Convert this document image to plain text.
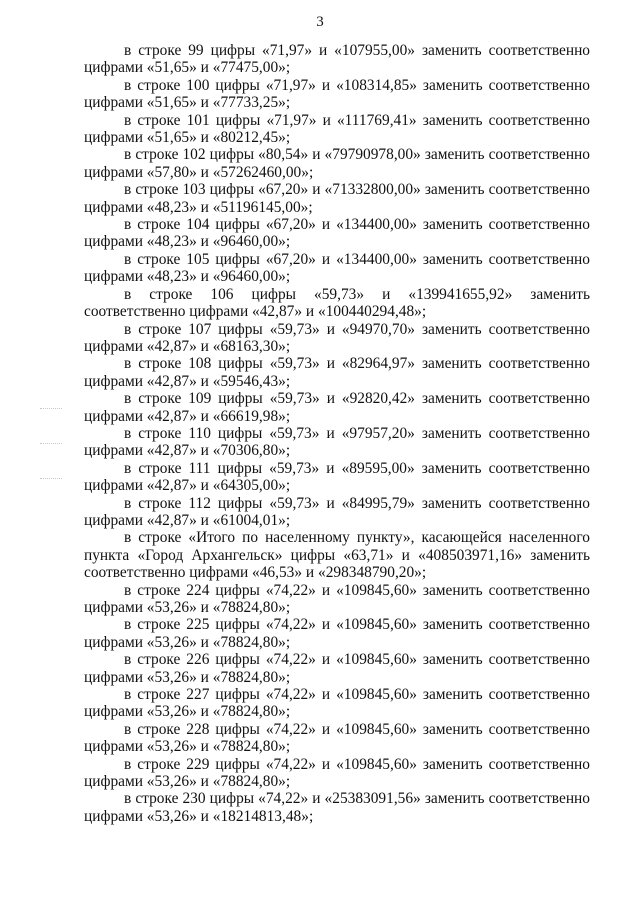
3

в строке 99 цифры «71,97» и «107955,00» заменить соответственно цифрами «51,65» и «77475,00»;

в строке 100 цифры «71,97» и «108314,85» заменить соответственно цифрами «51,65» и «77733,25»;

в строке 101 цифры «71,97» и «111769,41» заменить соответственно цифрами «51,65» и «80212,45»;

в строке 102 цифры «80,54» и «79790978,00» заменить соответственно цифрами «57,80» и «57262460,00»;

в строке 103 цифры «67,20» и «71332800,00» заменить соответственно цифрами «48,23» и «51196145,00»;

в строке 104 цифры «67,20» и «134400,00» заменить соответственно цифрами «48,23» и «96460,00»;

в строке 105 цифры «67,20» и «134400,00» заменить соответственно цифрами «48,23» и «96460,00»;

в строке 106 цифры «59,73» и «139941655,92» заменить соответственно цифрами «42,87» и «100440294,48»;

в строке 107 цифры «59,73» и «94970,70» заменить соответственно цифрами «42,87» и «68163,30»;

в строке 108 цифры «59,73» и «82964,97» заменить соответственно цифрами «42,87» и «59546,43»;

в строке 109 цифры «59,73» и «92820,42» заменить соответственно цифрами «42,87» и «66619,98»;

в строке 110 цифры «59,73» и «97957,20» заменить соответственно цифрами «42,87» и «70306,80»;

в строке 111 цифры «59,73» и «89595,00» заменить соответственно цифрами «42,87» и «64305,00»;

в строке 112 цифры «59,73» и «84995,79» заменить соответственно цифрами «42,87» и «61004,01»;

в строке «Итого по населенному пункту», касающейся населенного пункта «Город Архангельск» цифры «63,71» и «408503971,16» заменить соответственно цифрами «46,53» и «298348790,20»;

в строке 224 цифры «74,22» и «109845,60» заменить соответственно цифрами «53,26» и «78824,80»;

в строке 225 цифры «74,22» и «109845,60» заменить соответственно цифрами «53,26» и «78824,80»;

в строке 226 цифры «74,22» и «109845,60» заменить соответственно цифрами «53,26» и «78824,80»;

в строке 227 цифры «74,22» и «109845,60» заменить соответственно цифрами «53,26» и «78824,80»;

в строке 228 цифры «74,22» и «109845,60» заменить соответственно цифрами «53,26» и «78824,80»;

в строке 229 цифры «74,22» и «109845,60» заменить соответственно цифрами «53,26» и «78824,80»;

в строке 230 цифры «74,22» и «25383091,56» заменить соответственно цифрами «53,26» и «18214813,48»;
